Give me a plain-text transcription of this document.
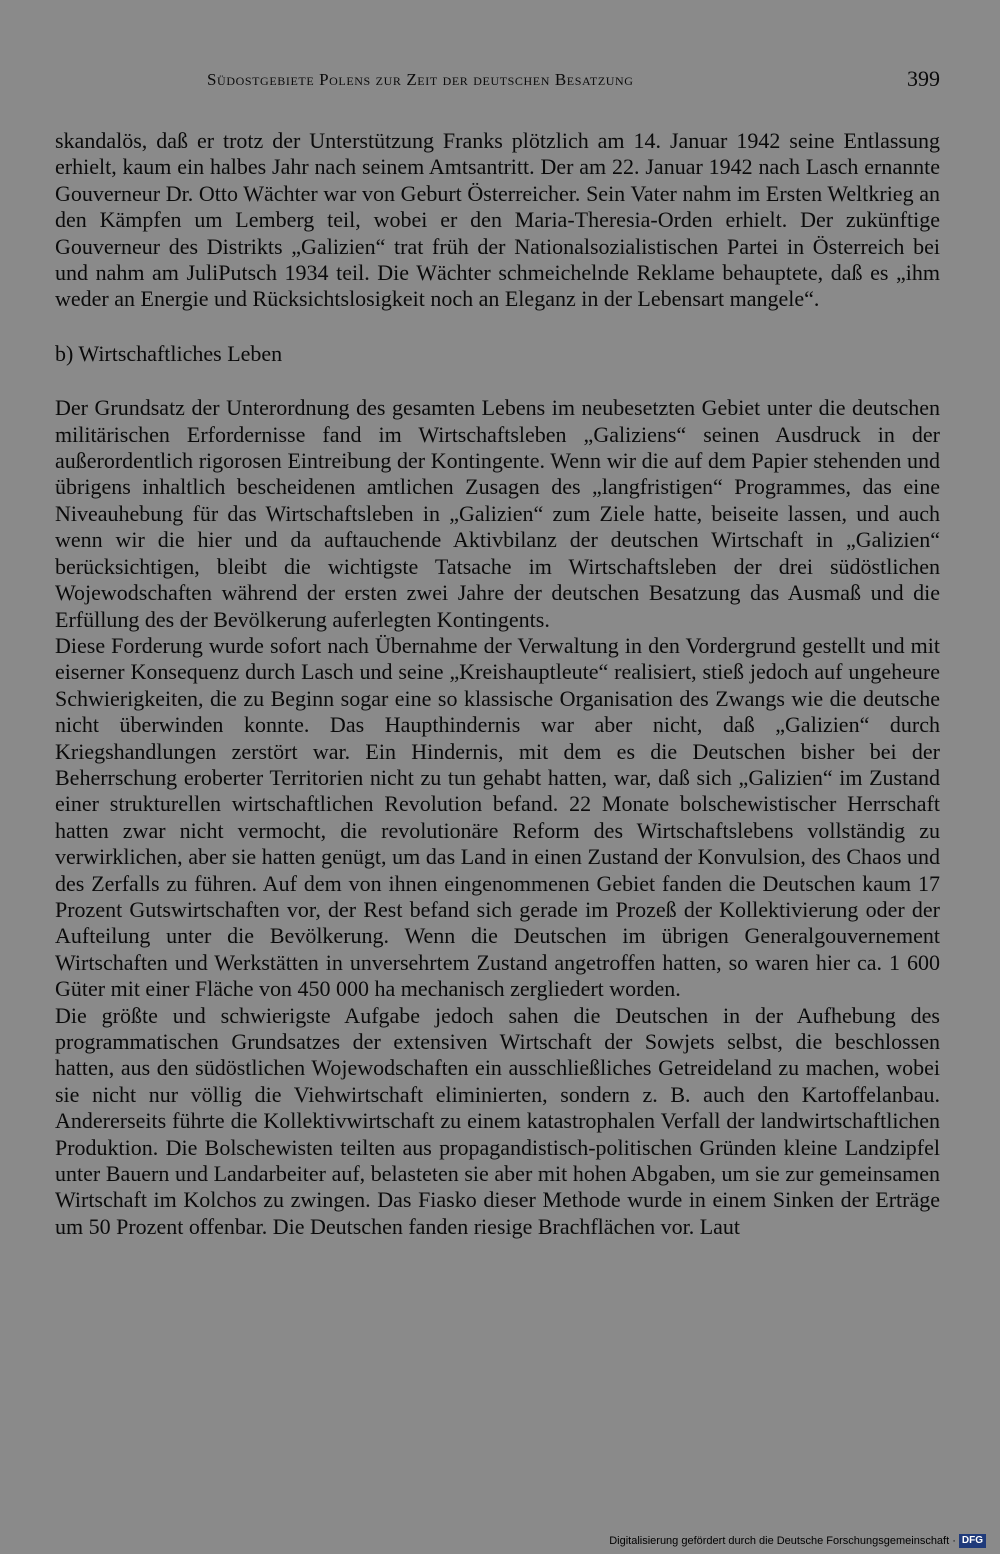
Südostgebiete Polens zur Zeit der deutschen Besatzung	399

skandalös, daß er trotz der Unterstützung Franks plötzlich am 14. Januar 1942 seine Entlassung erhielt, kaum ein halbes Jahr nach seinem Amtsantritt. Der am 22. Januar 1942 nach Lasch ernannte Gouverneur Dr. Otto Wächter war von Geburt Österreicher. Sein Vater nahm im Ersten Weltkrieg an den Kämpfen um Lemberg teil, wobei er den Maria-Theresia-Orden erhielt. Der zukünftige Gouverneur des Distrikts „Galizien“ trat früh der Nationalsozialistischen Partei in Österreich bei und nahm am JuliPutsch 1934 teil. Die Wächter schmeichelnde Reklame behauptete, daß es „ihm weder an Energie und Rücksichtslosigkeit noch an Eleganz in der Lebensart mangele“.

b) Wirtschaftliches Leben

Der Grundsatz der Unterordnung des gesamten Lebens im neubesetzten Gebiet unter die deutschen militärischen Erfordernisse fand im Wirtschaftsleben „Galiziens“ seinen Ausdruck in der außerordentlich rigorosen Eintreibung der Kontingente. Wenn wir die auf dem Papier stehenden und übrigens inhaltlich bescheidenen amtlichen Zusagen des „langfristigen“ Programmes, das eine Niveauhebung für das Wirtschaftsleben in „Galizien“ zum Ziele hatte, beiseite lassen, und auch wenn wir die hier und da auftauchende Aktivbilanz der deutschen Wirtschaft in „Galizien“ berücksichtigen, bleibt die wichtigste Tatsache im Wirtschaftsleben der drei südöstlichen Wojewodschaften während der ersten zwei Jahre der deutschen Besatzung das Ausmaß und die Erfüllung des der Bevölkerung auferlegten Kontingents.

Diese Forderung wurde sofort nach Übernahme der Verwaltung in den Vordergrund gestellt und mit eiserner Konsequenz durch Lasch und seine „Kreishauptleute“ realisiert, stieß jedoch auf ungeheure Schwierigkeiten, die zu Beginn sogar eine so klassische Organisation des Zwangs wie die deutsche nicht überwinden konnte. Das Haupthindernis war aber nicht, daß „Galizien“ durch Kriegshandlungen zerstört war. Ein Hindernis, mit dem es die Deutschen bisher bei der Beherrschung eroberter Territorien nicht zu tun gehabt hatten, war, daß sich „Galizien“ im Zustand einer strukturellen wirtschaftlichen Revolution befand. 22 Monate bolschewistischer Herrschaft hatten zwar nicht vermocht, die revolutionäre Reform des Wirtschaftslebens vollständig zu verwirklichen, aber sie hatten genügt, um das Land in einen Zustand der Konvulsion, des Chaos und des Zerfalls zu führen. Auf dem von ihnen eingenommenen Gebiet fanden die Deutschen kaum 17 Prozent Gutswirtschaften vor, der Rest befand sich gerade im Prozeß der Kollektivierung oder der Aufteilung unter die Bevölkerung. Wenn die Deutschen im übrigen Generalgouvernement Wirtschaften und Werkstätten in unversehrtem Zustand angetroffen hatten, so waren hier ca. 1 600 Güter mit einer Fläche von 450 000 ha mechanisch zergliedert worden.

Die größte und schwierigste Aufgabe jedoch sahen die Deutschen in der Aufhebung des programmatischen Grundsatzes der extensiven Wirtschaft der Sowjets selbst, die beschlossen hatten, aus den südöstlichen Wojewodschaften ein ausschließliches Getreideland zu machen, wobei sie nicht nur völlig die Viehwirtschaft eliminierten, sondern z. B. auch den Kartoffelanbau. Andererseits führte die Kollektivwirtschaft zu einem katastrophalen Verfall der landwirtschaftlichen Produktion. Die Bolschewisten teilten aus propagandistisch-politischen Gründen kleine Landzipfel unter Bauern und Landarbeiter auf, belasteten sie aber mit hohen Abgaben, um sie zur gemeinsamen Wirtschaft im Kolchos zu zwingen. Das Fiasko dieser Methode wurde in einem Sinken der Erträge um 50 Prozent offenbar. Die Deutschen fanden riesige Brachflächen vor. Laut

Digitalisierung gefördert durch die Deutsche Forschungsgemeinschaft · DFG
